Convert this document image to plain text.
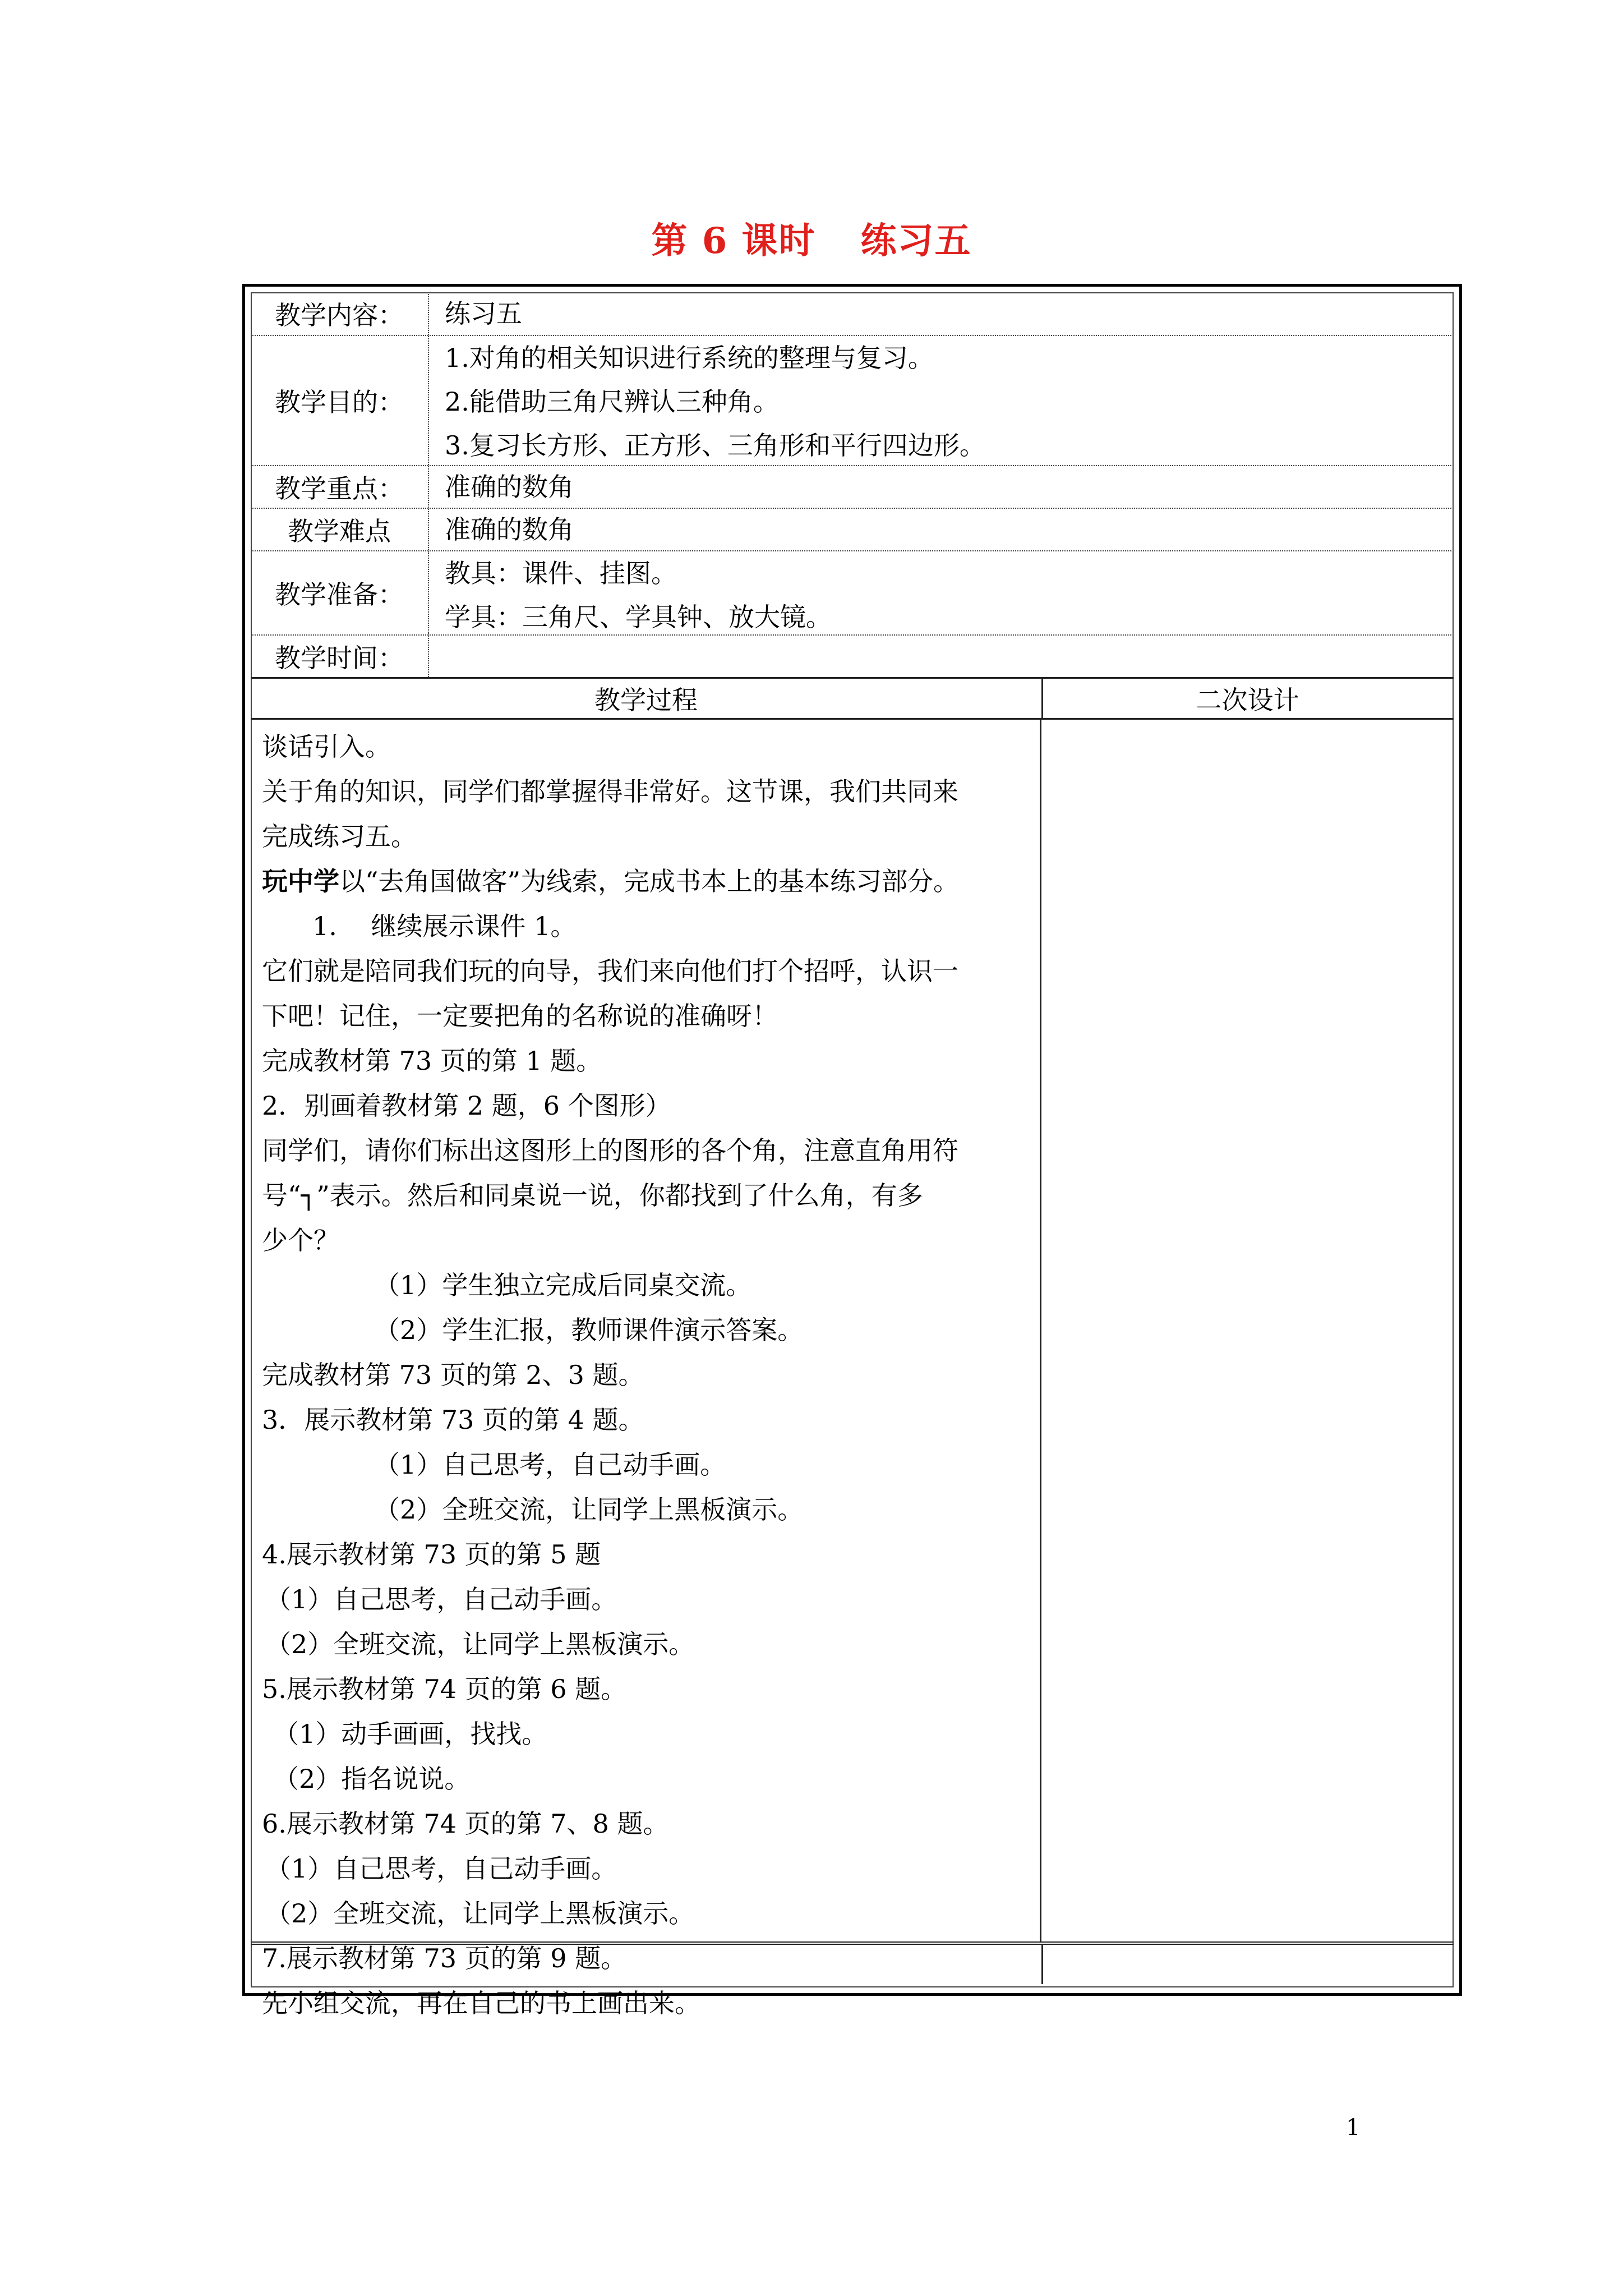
第 6 课时 练习五
教学内容：	练习五
教学目的：
1.对角的相关知识进行系统的整理与复习。
2.能借助三角尺辨认三种角。
3.复习长方形、正方形、三角形和平行四边形。
教学重点：	准确的数角
教学难点	准确的数角
教学准备：
教具：课件、挂图。
学具：三角尺、学具钟、放大镜。
教学时间：
教学过程	二次设计
谈话引入。
关于角的知识，同学们都掌握得非常好。这节课，我们共同来
完成练习五。
玩中学以“去角国做客”为线索，完成书本上的基本练习部分。
1.　 继续展示课件 1。
它们就是陪同我们玩的向导，我们来向他们打个招呼，认识一
下吧！记住，一定要把角的名称说的准确呀！
完成教材第 73 页的第 1 题。
2．别画着教材第 2 题，6 个图形）
同学们，请你们标出这图形上的图形的各个角，注意直角用符
号“┐”表示。然后和同桌说一说，你都找到了什么角，有多
少个？
（1）学生独立完成后同桌交流。
（2）学生汇报，教师课件演示答案。
完成教材第 73 页的第 2、3 题。
3．展示教材第 73 页的第 4 题。
（1）自己思考，自己动手画。
（2）全班交流，让同学上黑板演示。
4.展示教材第 73 页的第 5 题
（1）自己思考，自己动手画。
（2）全班交流，让同学上黑板演示。
5.展示教材第 74 页的第 6 题。
（1）动手画画，找找。
（2）指名说说。
6.展示教材第 74 页的第 7、8 题。
（1）自己思考，自己动手画。
（2）全班交流，让同学上黑板演示。
7.展示教材第 73 页的第 9 题。
先小组交流，再在自己的书上画出来。
1
